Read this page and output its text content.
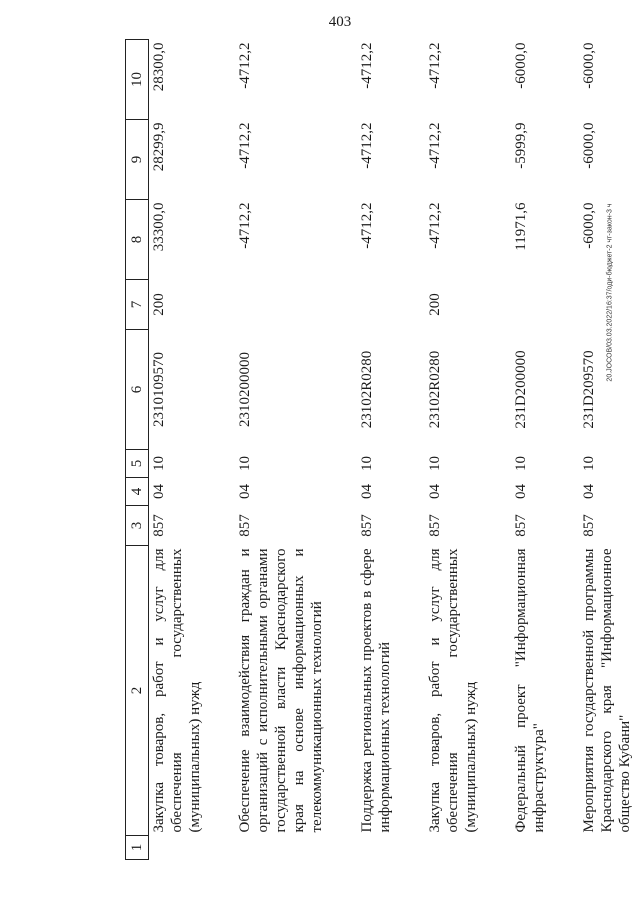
403
20.ЈОСОВ/03.03.2022/16:37/оди-бюджет-2 чт-закон-3 ч
1	2	3	4	5	6	7	8	9	10
	Закупка товаров, работ и услуг для обеспечения государственных (муниципальных) нужд	857	04	10	2310109570	200	33300,0	28299,9	28300,0

	Обеспечение взаимодействия граждан и организаций с исполнительными органами государственной власти Краснодарского края на основе информационных и телекоммуникационных технологий	857	04	10	2310200000		-4712,2	-4712,2	-4712,2

	Поддержка региональных проектов в сфере информационных технологий	857	04	10	23102R0280		-4712,2	-4712,2	-4712,2

	Закупка товаров, работ и услуг для обеспечения государственных (муниципальных) нужд	857	04	10	23102R0280	200	-4712,2	-4712,2	-4712,2

	Федеральный проект "Информационная инфраструктура"	857	04	10	231D200000		11971,6	-5999,9	-6000,0

	Мероприятия государственной программы Краснодарского края "Информационное общество Кубани"	857	04	10	231D209570		-6000,0	-6000,0	-6000,0
